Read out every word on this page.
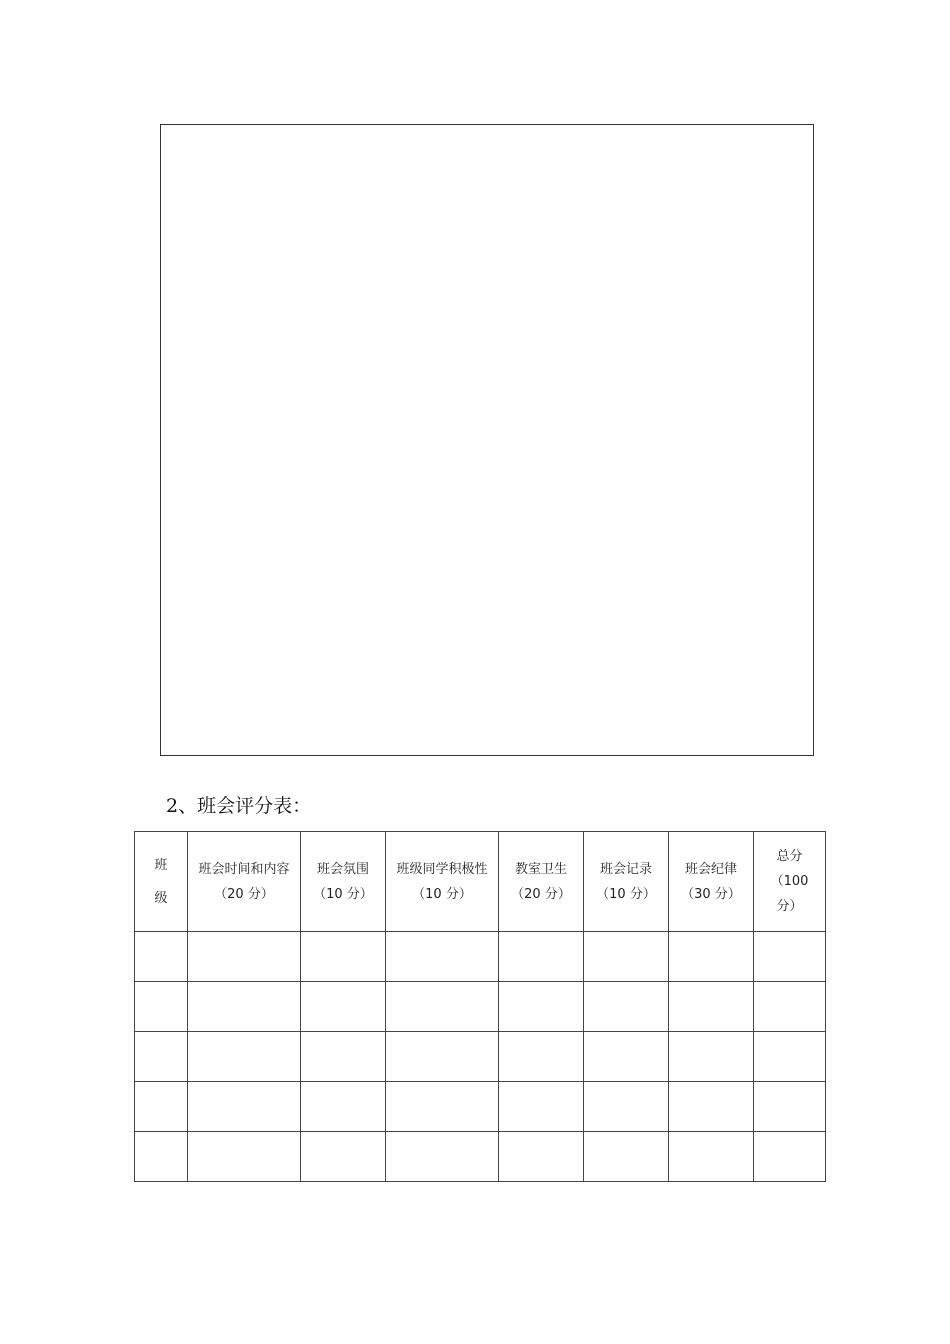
2、班会评分表：
班级	班会时间和内容（20 分）	班会氛围（10 分）	班级同学积极性（10 分）	教室卫生（20 分）	班会记录（10 分）	班会纪律（30 分）	总分（100 分）
